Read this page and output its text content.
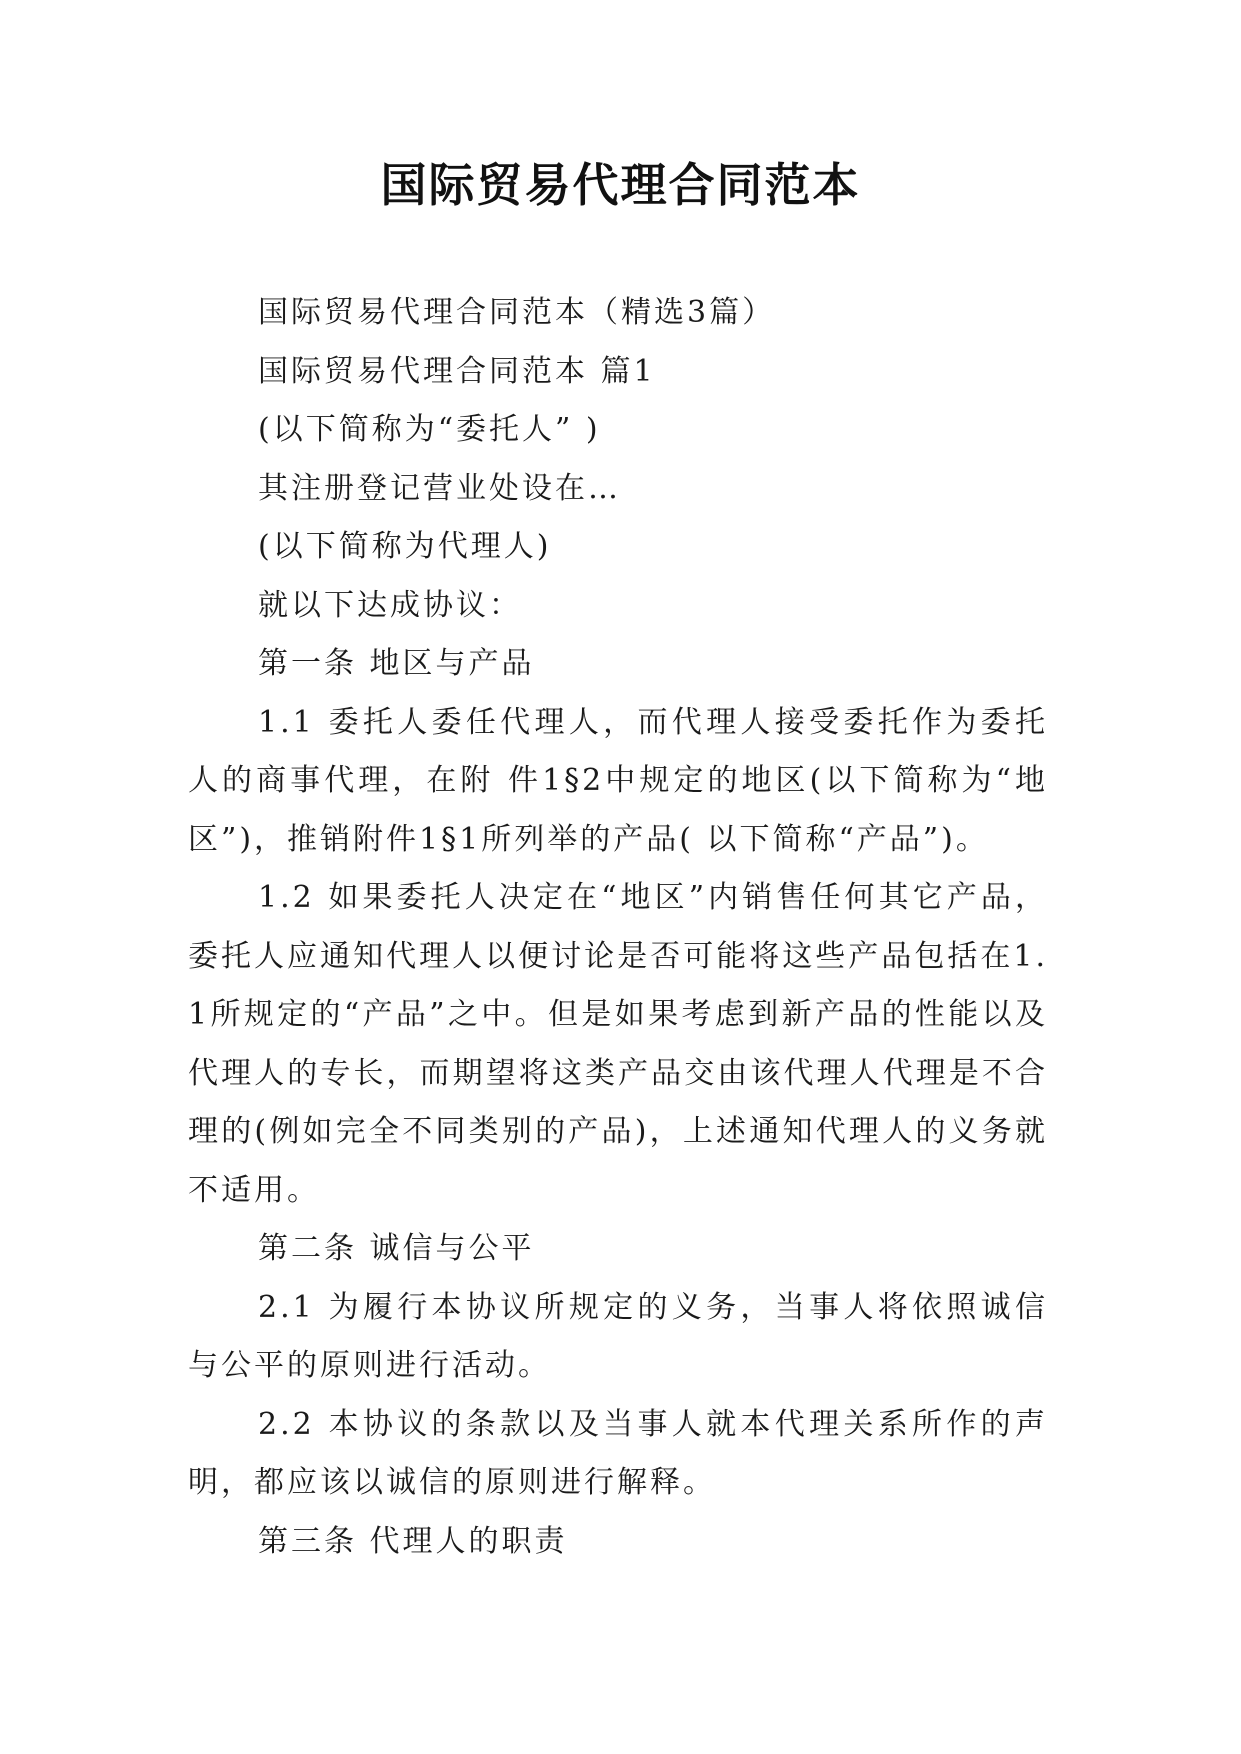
国际贸易代理合同范本

国际贸易代理合同范本（精选3篇）

国际贸易代理合同范本 篇1

(以下简称为“委托人” )

其注册登记营业处设在…

(以下简称为代理人)

就以下达成协议：

第一条 地区与产品

1.1 委托人委任代理人，而代理人接受委托作为委托人的商事代理，在附 件1§2中规定的地区(以下简称为“地区”)，推销附件1§1所列举的产品( 以下简称“产品”)。

1.2 如果委托人决定在“地区”内销售任何其它产品，委托人应通知代理人以便讨论是否可能将这些产品包括在1.1所规定的“产品”之中。但是如果考虑到新产品的性能以及代理人的专长，而期望将这类产品交由该代理人代理是不合理的(例如完全不同类别的产品)，上述通知代理人的义务就不适用。

第二条 诚信与公平

2.1 为履行本协议所规定的义务，当事人将依照诚信与公平的原则进行活动。

2.2 本协议的条款以及当事人就本代理关系所作的声明，都应该以诚信的原则进行解释。

第三条 代理人的职责
